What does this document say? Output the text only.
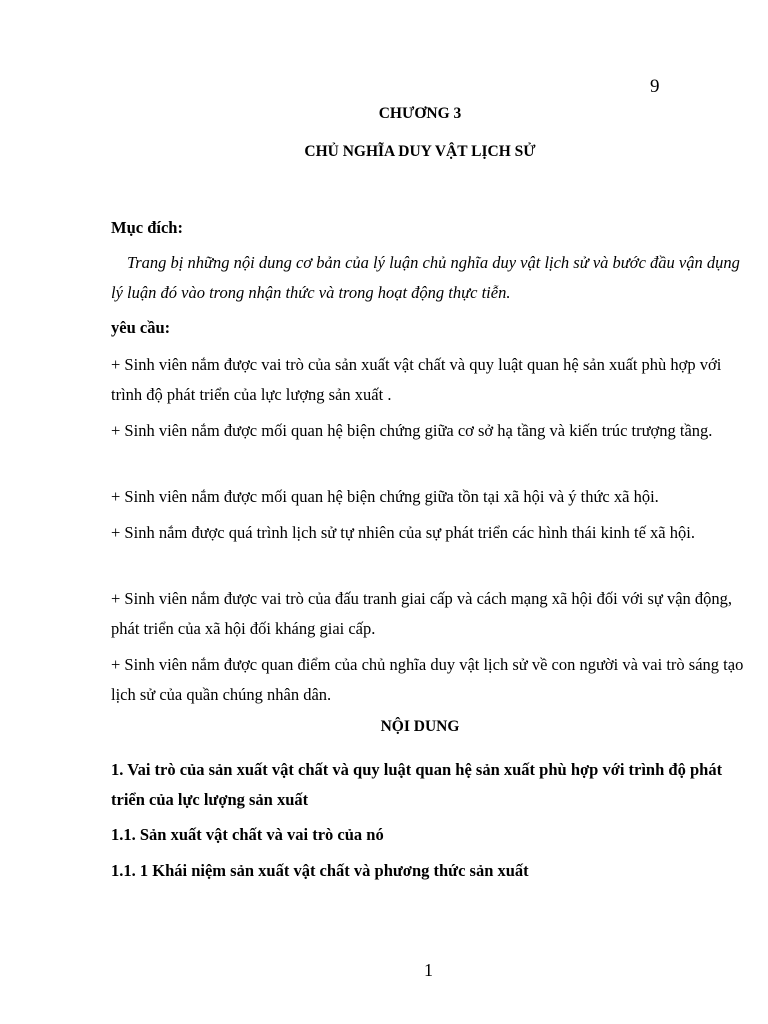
9
CHƯƠNG 3
CHỦ NGHĨA DUY VẬT LỊCH SỬ
Mục đích:
Trang bị những nội dung cơ bản của lý luận chủ nghĩa duy vật lịch sử và bước đầu vận dụng lý luận đó vào trong nhận thức và trong hoạt động thực tiễn.
yêu cầu:
+ Sinh viên nắm được vai trò của sản xuất vật chất và quy luật quan hệ sản xuất phù hợp với trình độ phát triển của lực lượng sản xuất .
+ Sinh viên nắm được mối quan hệ biện chứng giữa cơ sở hạ tầng và kiến trúc trượng tầng.
+ Sinh viên nắm được mối quan hệ biện chứng giữa tồn tại xã hội và ý thức xã hội.
+ Sinh nắm được quá trình lịch sử tự nhiên của sự phát triển các hình thái kinh tế xã hội.
+ Sinh viên nắm được vai trò của đấu tranh giai cấp và cách mạng xã hội đối với sự vận động, phát triển của xã hội đối kháng giai cấp.
+ Sinh viên nắm được quan điểm của chủ nghĩa duy vật lịch sử về con người và vai trò sáng tạo lịch sử của quần chúng nhân dân.
NỘI DUNG
1. Vai trò của sản xuất vật chất và quy luật quan hệ sản xuất phù hợp với trình độ phát triển của lực lượng sản xuất
1.1. Sản xuất vật chất và vai trò của nó
1.1. 1 Khái niệm sản xuất vật chất và phương thức sản xuất
1
